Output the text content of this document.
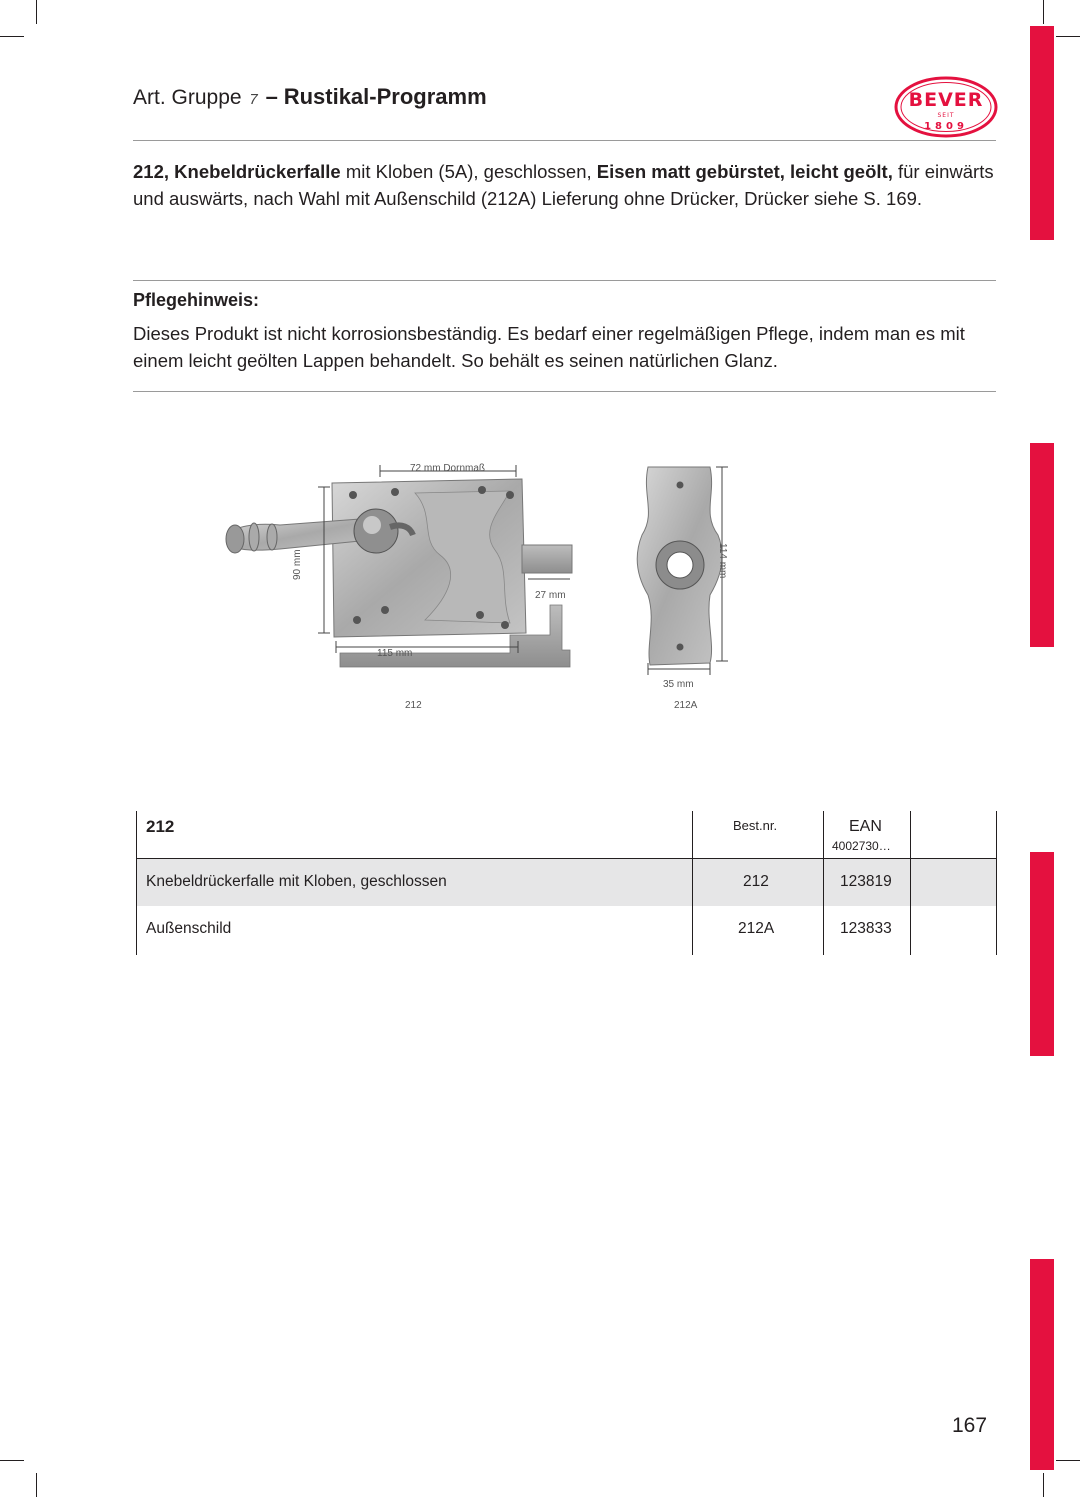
Art. Gruppe 7 – Rustikal-Programm	BEVER
SEIT
1809
212, Knebeldrückerfalle mit Kloben (5A), geschlossen, Eisen matt gebürstet, leicht geölt, für einwärts und auswärts, nach Wahl mit Außenschild (212A) Lieferung ohne Drücker, Drücker siehe S. 169.
Pflegehinweis:
Dieses Produkt ist nicht korrosionsbeständig. Es bedarf einer regelmäßigen Pflege, indem man es mit einem leicht geölten Lappen behandelt. So behält es seinen natürlichen Glanz.
72 mm Dornmaß
90 mm
115 mm
27 mm
114 mm
35 mm
212	212A
Knebeldrückerfalle mit Kloben, geschlossen	212	123819
Außenschild	212A	123833
212	Best.nr.	EAN
4002730…
167
